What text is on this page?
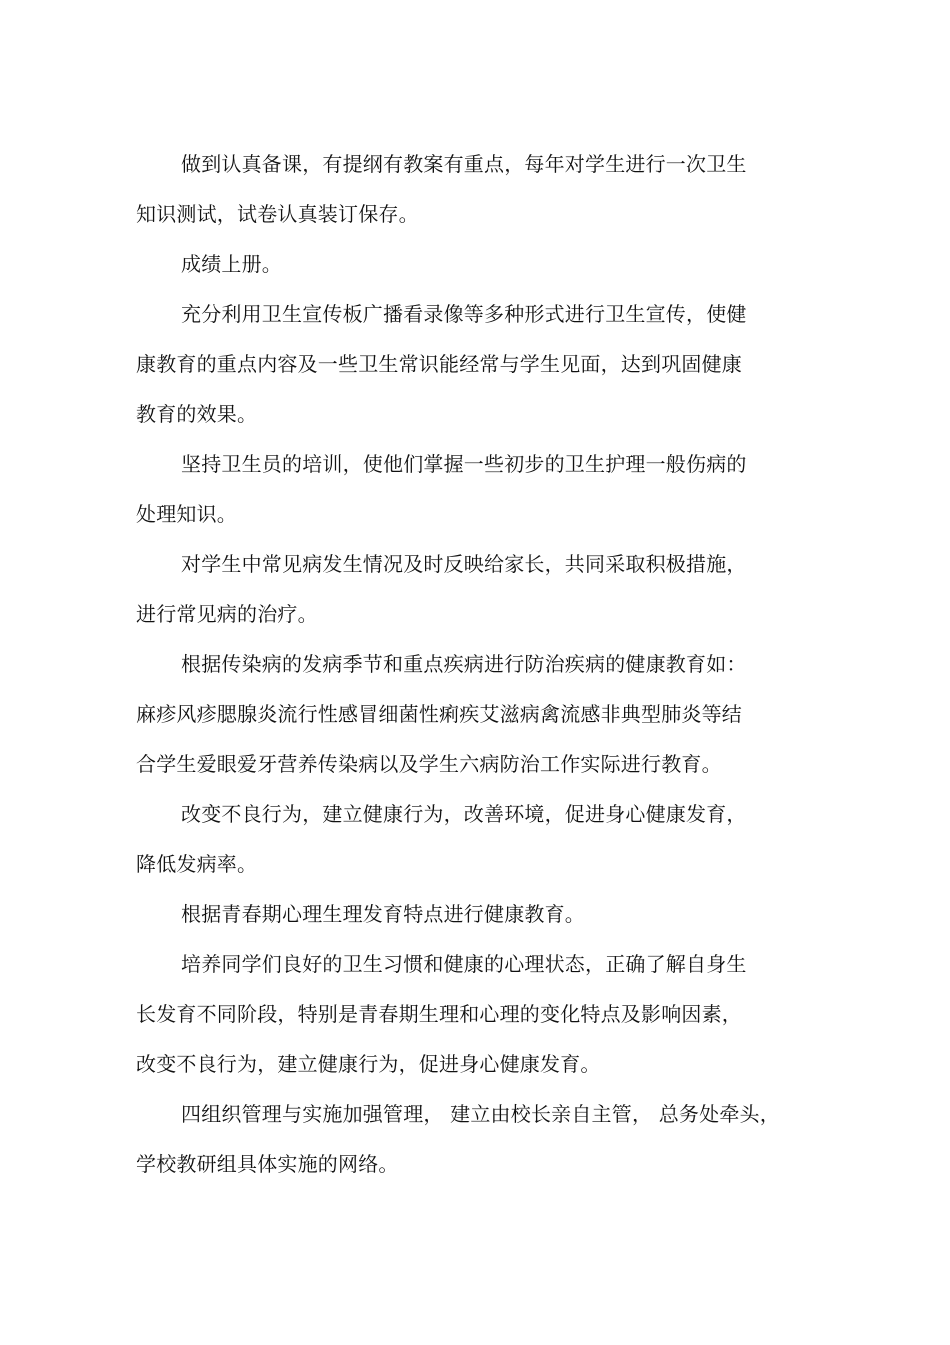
做到认真备课，有提纲有教案有重点，每年对学生进行一次卫生
知识测试，试卷认真装订保存。
成绩上册。
充分利用卫生宣传板广播看录像等多种形式进行卫生宣传，使健
康教育的重点内容及一些卫生常识能经常与学生见面，达到巩固健康
教育的效果。
坚持卫生员的培训，使他们掌握一些初步的卫生护理一般伤病的
处理知识。
对学生中常见病发生情况及时反映给家长，共同采取积极措施，
进行常见病的治疗。
根据传染病的发病季节和重点疾病进行防治疾病的健康教育如：
麻疹风疹腮腺炎流行性感冒细菌性痢疾艾滋病禽流感非典型肺炎等结
合学生爱眼爱牙营养传染病以及学生六病防治工作实际进行教育。
改变不良行为，建立健康行为，改善环境，促进身心健康发育，
降低发病率。
根据青春期心理生理发育特点进行健康教育。
培养同学们良好的卫生习惯和健康的心理状态，正确了解自身生
长发育不同阶段，特别是青春期生理和心理的变化特点及影响因素，
改变不良行为，建立健康行为，促进身心健康发育。
四组织管理与实施加强管理， 建立由校长亲自主管， 总务处牵头，
学校教研组具体实施的网络。
